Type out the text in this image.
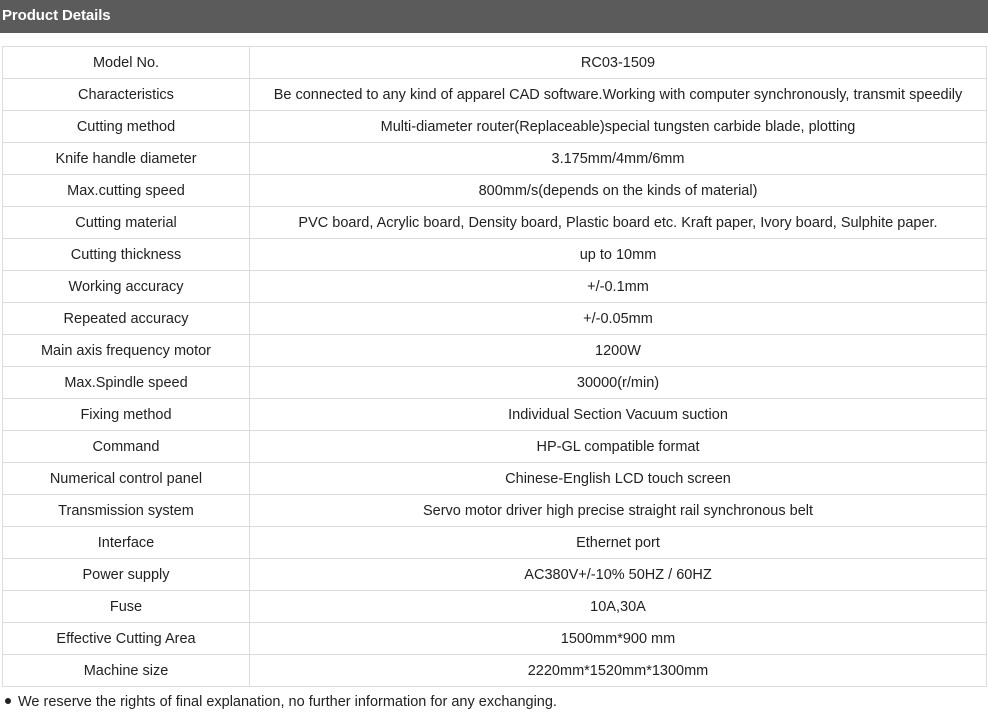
Product Details
Model No.	RC03-1509
Characteristics	Be connected to any kind of apparel CAD software.Working with computer synchronously, transmit speedily
Cutting method	Multi-diameter router(Replaceable)special tungsten carbide blade, plotting
Knife handle diameter	3.175mm/4mm/6mm
Max.cutting speed	800mm/s(depends on the kinds of material)
Cutting material	PVC board, Acrylic board, Density board, Plastic board etc. Kraft paper, Ivory board, Sulphite paper.
Cutting thickness	up to 10mm
Working accuracy	+/-0.1mm
Repeated accuracy	+/-0.05mm
Main axis frequency motor	1200W
Max.Spindle speed	30000(r/min)
Fixing method	Individual Section Vacuum suction
Command	HP-GL compatible format
Numerical control panel	Chinese-English LCD touch screen
Transmission system	Servo motor driver high precise straight rail synchronous belt
Interface	Ethernet port
Power supply	AC380V+/-10% 50HZ / 60HZ
Fuse	10A,30A
Effective Cutting Area	1500mm*900 mm
Machine size	2220mm*1520mm*1300mm
We reserve the rights of final explanation, no further information for any exchanging.
